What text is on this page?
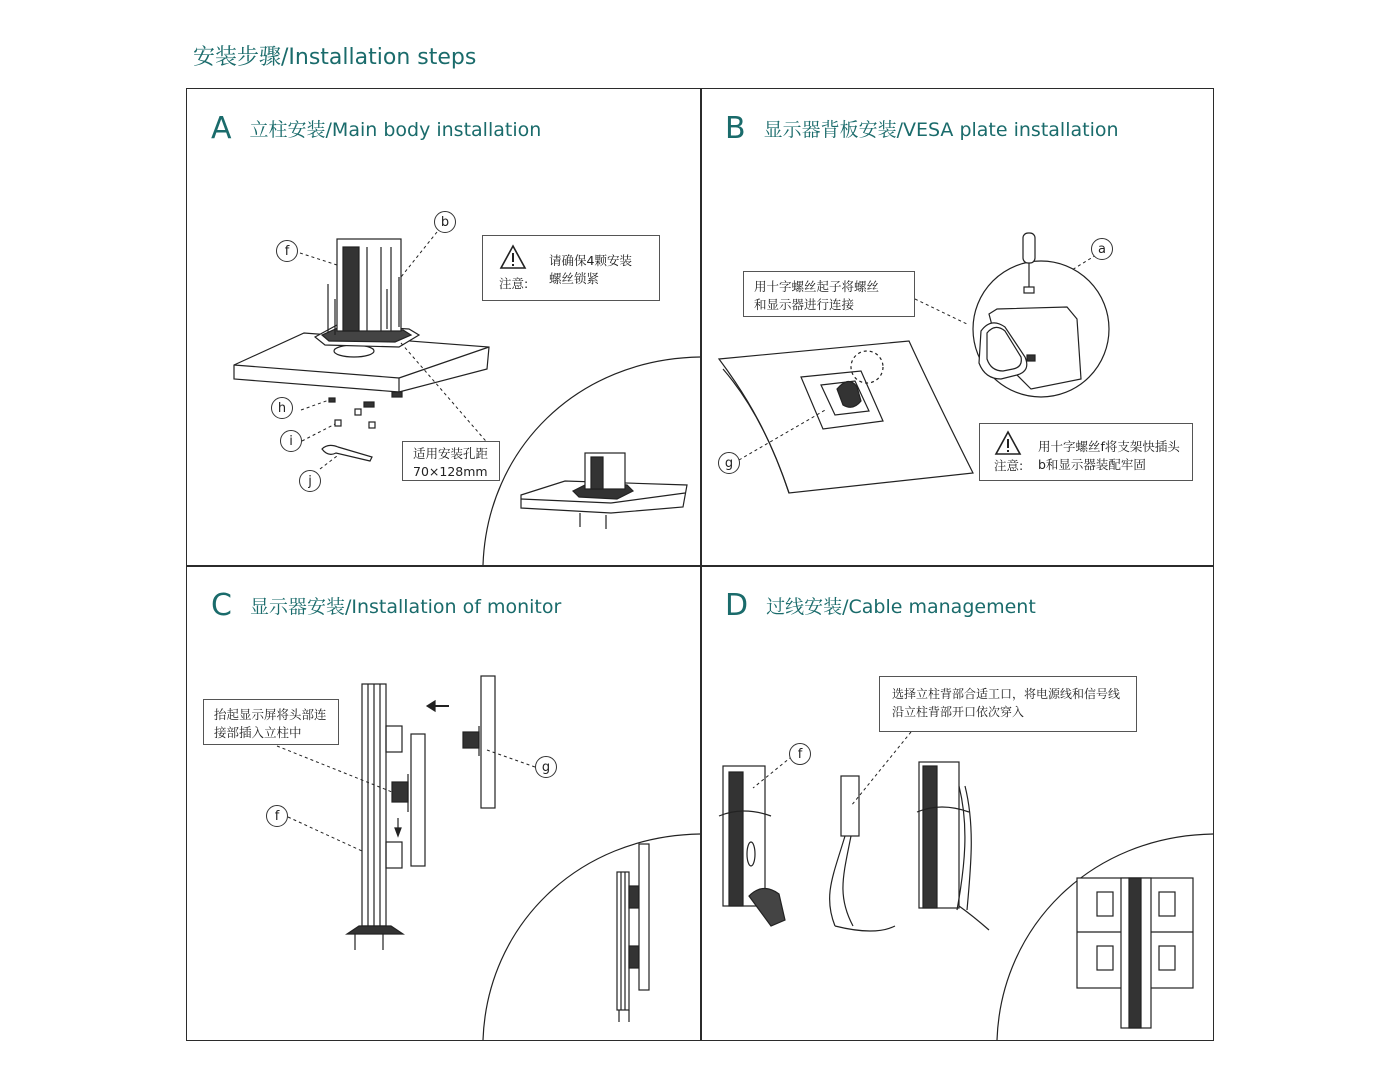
安装步骤/Installation steps
A立柱安装/Main body installation
注意:
请确保4颗安装
螺丝锁紧
适用安装孔距
70×128mm
b
f
h
i
j
B显示器背板安装/VESA plate installation
用十字螺丝起子将螺丝
和显示器进行连接
注意:
用十字螺丝f将支架快插头
b和显示器装配牢固
a
g
C显示器安装/Installation of monitor
抬起显示屏将头部连
接部插入立柱中
g
f
D过线安装/Cable management
选择立柱背部合适工口，将电源线和信号线
沿立柱背部开口依次穿入
f
